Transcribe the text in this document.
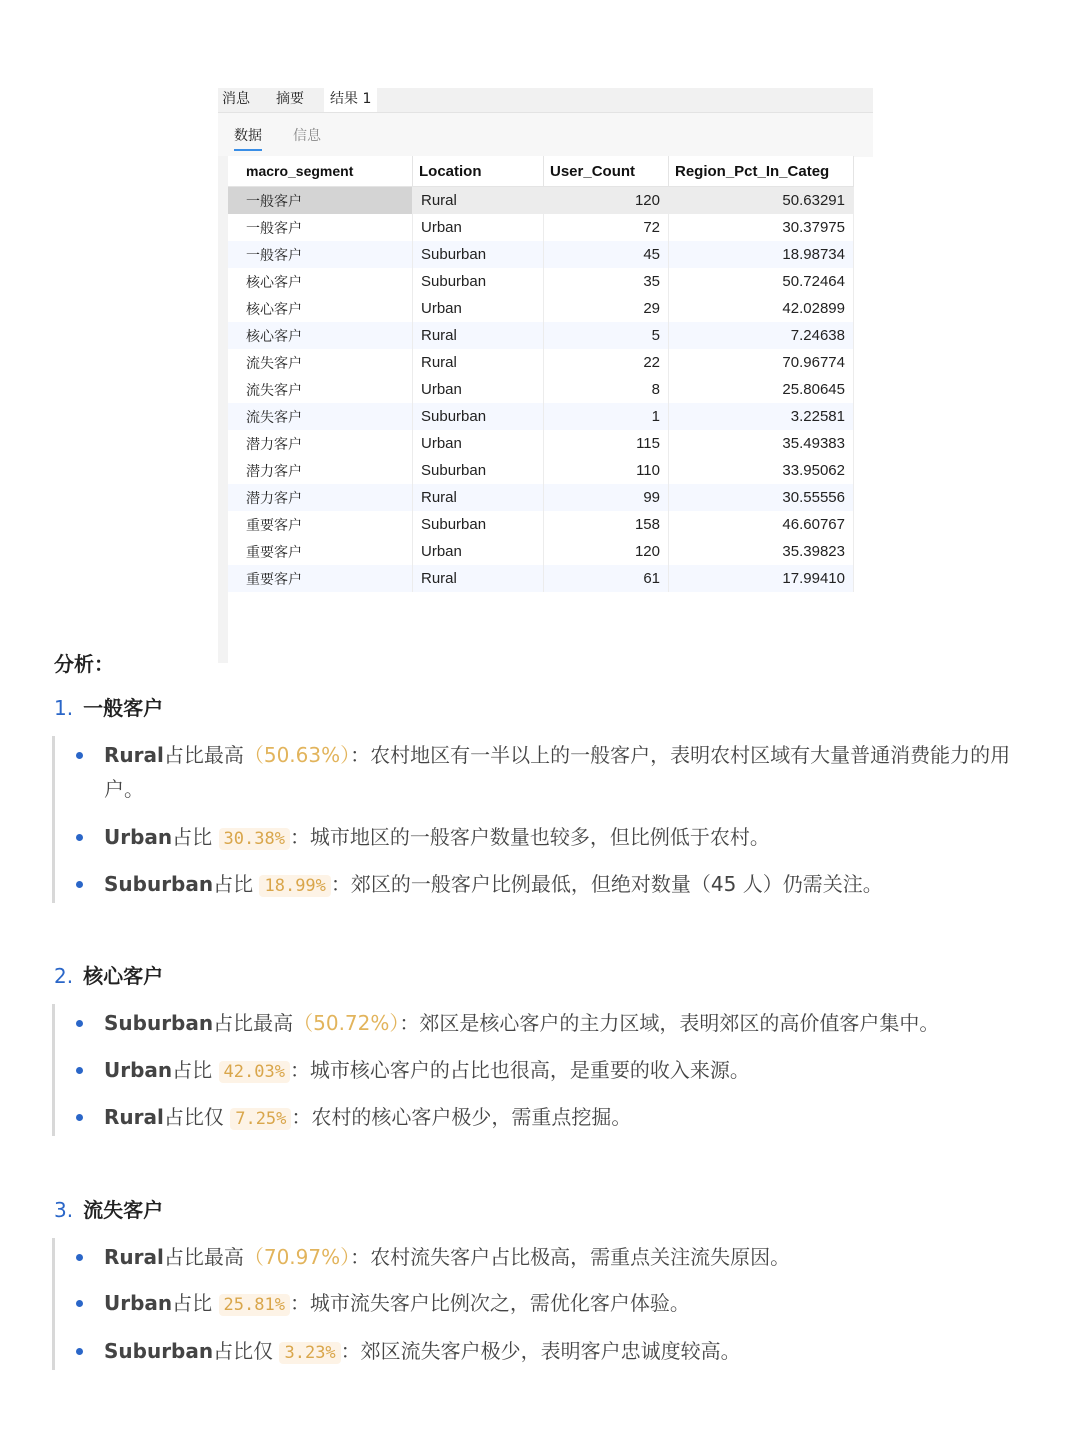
消息 摘要	结果 1
数据 信息
macro_segment	Location	User_Count	Region_Pct_In_Categ
一般客户	Rural	120	50.63291
一般客户	Urban	72	30.37975
一般客户	Suburban	45	18.98734
核心客户	Suburban	35	50.72464
核心客户	Urban	29	42.02899
核心客户	Rural	5	7.24638
流失客户	Rural	22	70.96774
流失客户	Urban	8	25.80645
流失客户	Suburban	1	3.22581
潜力客户	Urban	115	35.49383
潜力客户	Suburban	110	33.95062
潜力客户	Rural	99	30.55556
重要客户	Suburban	158	46.60767
重要客户	Urban	120	35.39823
重要客户	Rural	61	17.99410
分析：
1. 一般客户
Rural占比最高（50.63%）：农村地区有一半以上的一般客户，表明农村区域有大量普通消费能力的用户。
Urban占比 30.38% ：城市地区的一般客户数量也较多，但比例低于农村。
Suburban占比 18.99% ：郊区的一般客户比例最低，但绝对数量（45 人）仍需关注。
2. 核心客户
Suburban占比最高（50.72%）：郊区是核心客户的主力区域，表明郊区的高价值客户集中。
Urban占比 42.03% ：城市核心客户的占比也很高，是重要的收入来源。
Rural占比仅 7.25% ：农村的核心客户极少，需重点挖掘。
3. 流失客户
Rural占比最高（70.97%）：农村流失客户占比极高，需重点关注流失原因。
Urban占比 25.81% ：城市流失客户比例次之，需优化客户体验。
Suburban占比仅 3.23% ：郊区流失客户极少，表明客户忠诚度较高。
